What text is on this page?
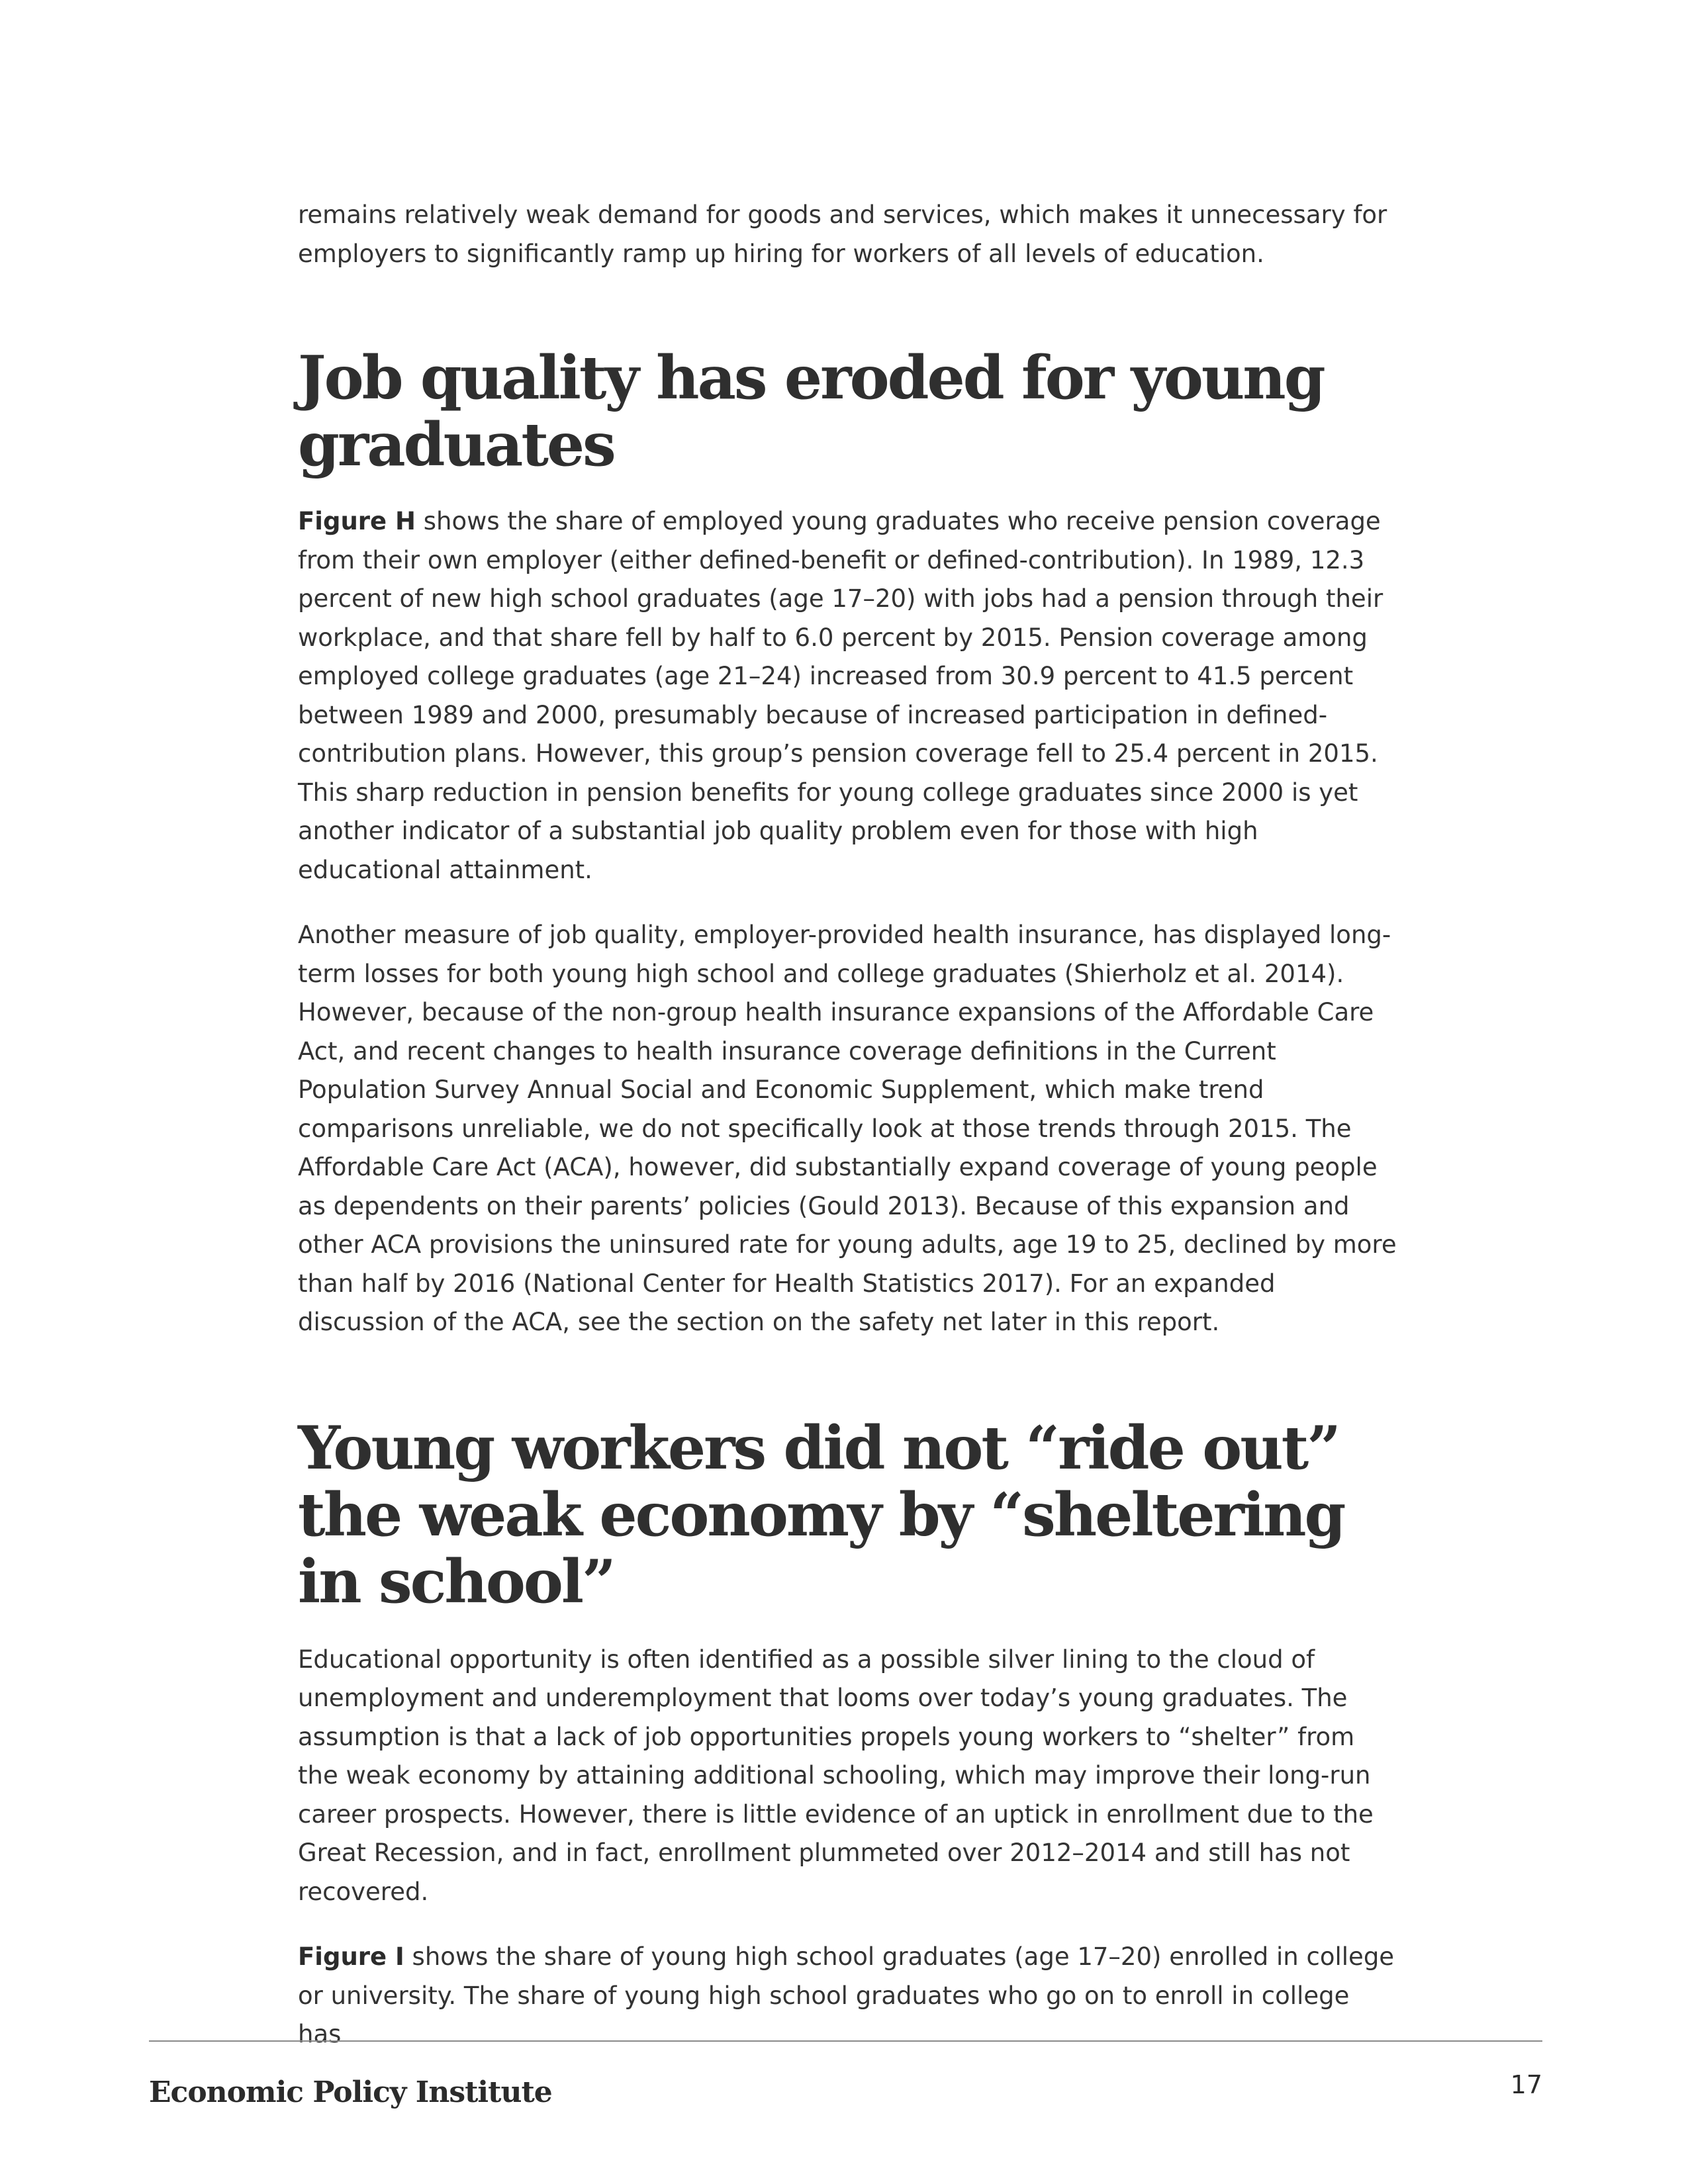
remains relatively weak demand for goods and services, which makes it unnecessary for employers to significantly ramp up hiring for workers of all levels of education.

Job quality has eroded for young graduates

Figure H shows the share of employed young graduates who receive pension coverage from their own employer (either defined-benefit or defined-contribution). In 1989, 12.3 percent of new high school graduates (age 17–20) with jobs had a pension through their workplace, and that share fell by half to 6.0 percent by 2015. Pension coverage among employed college graduates (age 21–24) increased from 30.9 percent to 41.5 percent between 1989 and 2000, presumably because of increased participation in defined-contribution plans. However, this group’s pension coverage fell to 25.4 percent in 2015. This sharp reduction in pension benefits for young college graduates since 2000 is yet another indicator of a substantial job quality problem even for those with high educational attainment.

Another measure of job quality, employer-provided health insurance, has displayed long-term losses for both young high school and college graduates (Shierholz et al. 2014). However, because of the non-group health insurance expansions of the Affordable Care Act, and recent changes to health insurance coverage definitions in the Current Population Survey Annual Social and Economic Supplement, which make trend comparisons unreliable, we do not specifically look at those trends through 2015. The Affordable Care Act (ACA), however, did substantially expand coverage of young people as dependents on their parents’ policies (Gould 2013). Because of this expansion and other ACA provisions the uninsured rate for young adults, age 19 to 25, declined by more than half by 2016 (National Center for Health Statistics 2017). For an expanded discussion of the ACA, see the section on the safety net later in this report.

Young workers did not “ride out” the weak economy by “sheltering in school”

Educational opportunity is often identified as a possible silver lining to the cloud of unemployment and underemployment that looms over today’s young graduates. The assumption is that a lack of job opportunities propels young workers to “shelter” from the weak economy by attaining additional schooling, which may improve their long-run career prospects. However, there is little evidence of an uptick in enrollment due to the Great Recession, and in fact, enrollment plummeted over 2012–2014 and still has not recovered.

Figure I shows the share of young high school graduates (age 17–20) enrolled in college or university. The share of young high school graduates who go on to enroll in college has

Economic Policy Institute	17
